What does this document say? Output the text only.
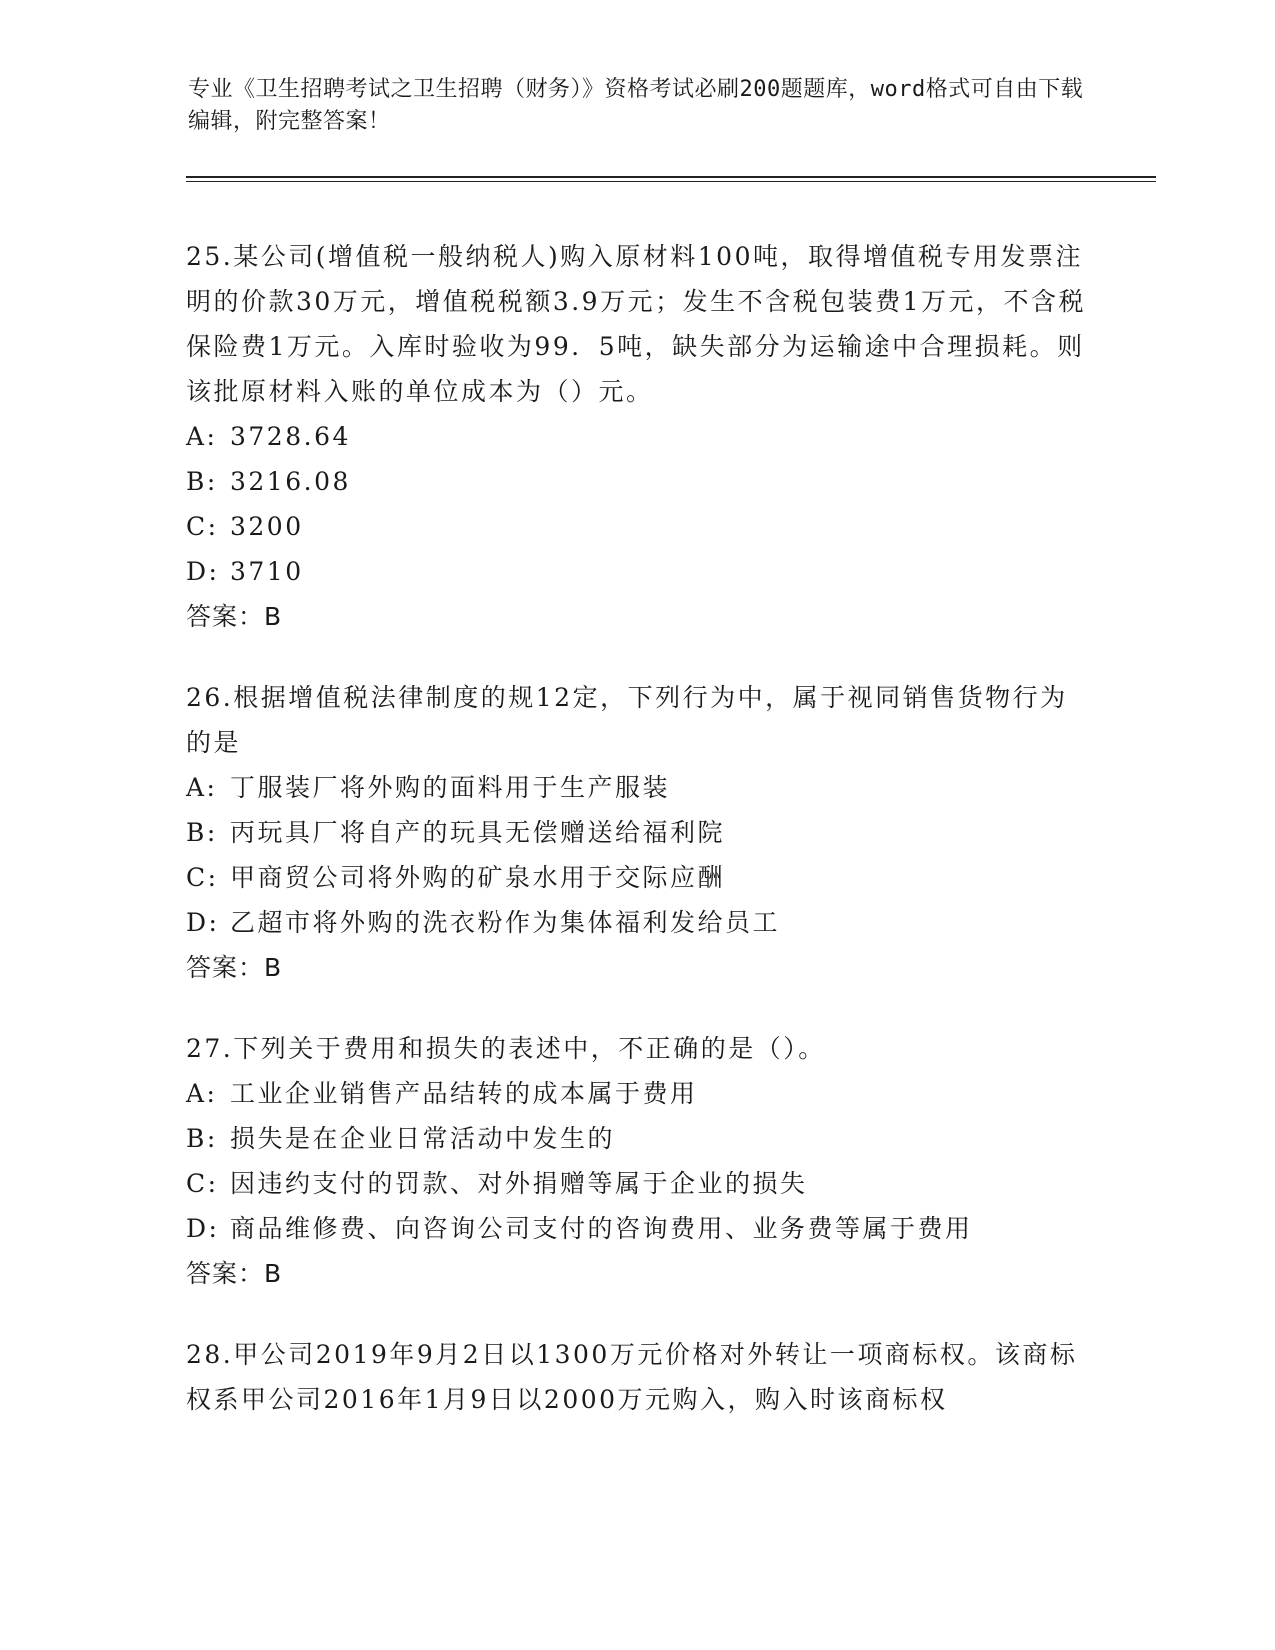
专业《卫生招聘考试之卫生招聘（财务）》资格考试必刷200题题库，word格式可自由下载编辑，附完整答案！

25.某公司(增值税一般纳税人)购入原材料100吨，取得增值税专用发票注明的价款30万元，增值税税额3.9万元；发生不含税包装费1万元，不含税保险费1万元。入库时验收为99．5吨，缺失部分为运输途中合理损耗。则该批原材料入账的单位成本为（）元。

A: 3728.64

B: 3216.08

C: 3200

D: 3710

答案：B

26.根据增值税法律制度的规12定，下列行为中，属于视同销售货物行为的是

A: 丁服装厂将外购的面料用于生产服装

B: 丙玩具厂将自产的玩具无偿赠送给福利院

C: 甲商贸公司将外购的矿泉水用于交际应酬

D: 乙超市将外购的洗衣粉作为集体福利发给员工

答案：B

27.下列关于费用和损失的表述中，不正确的是（）。

A: 工业企业销售产品结转的成本属于费用

B: 损失是在企业日常活动中发生的

C: 因违约支付的罚款、对外捐赠等属于企业的损失

D: 商品维修费、向咨询公司支付的咨询费用、业务费等属于费用

答案：B

28.甲公司2019年9月2日以1300万元价格对外转让一项商标权。该商标权系甲公司2016年1月9日以2000万元购入，购入时该商标权
